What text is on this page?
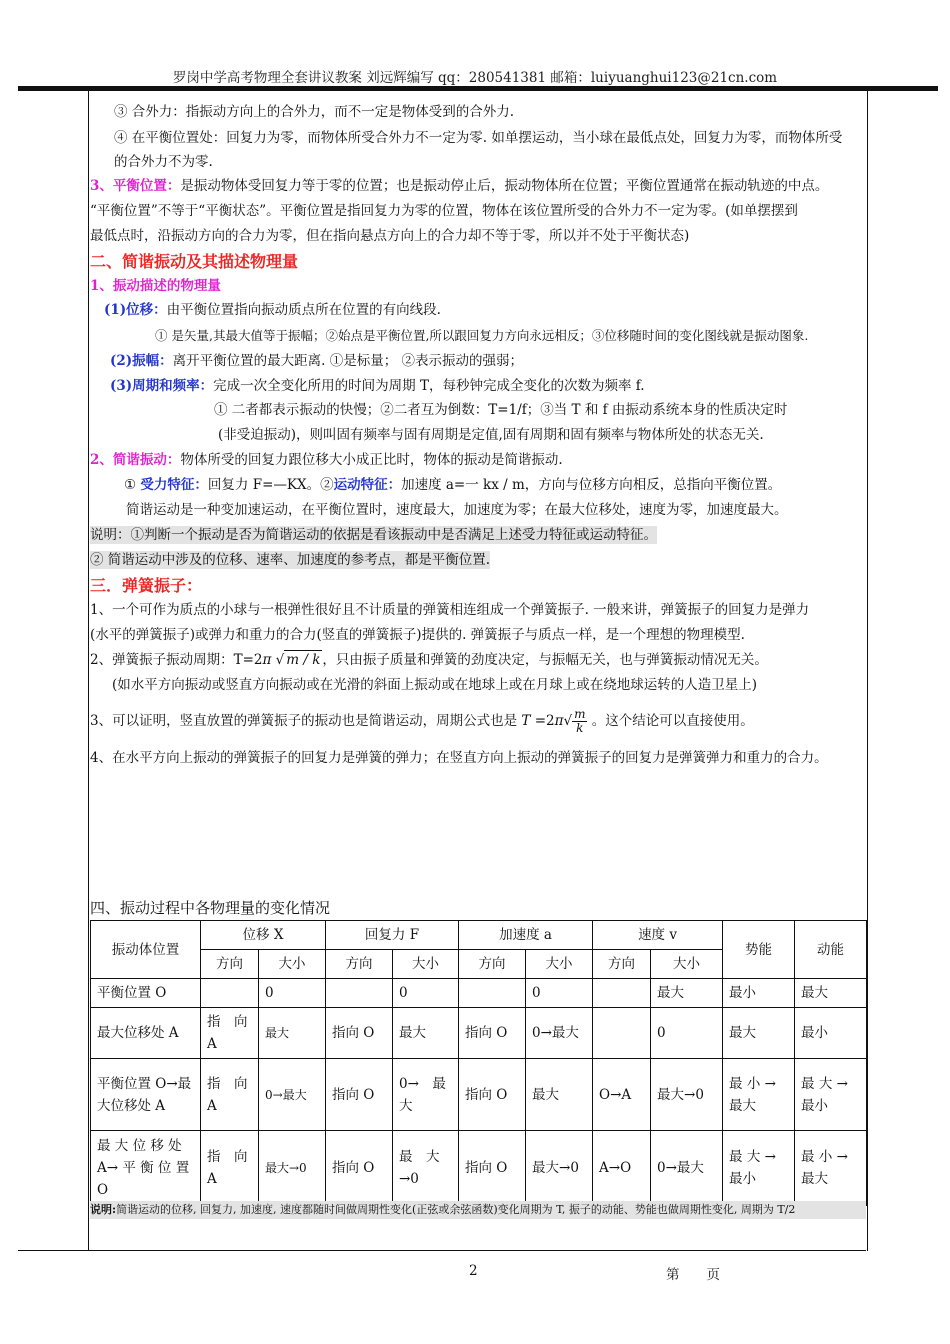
罗岗中学高考物理全套讲议教案 刘远辉编写 qq：280541381 邮箱：luiyuanghui123@21cn.com
③ 合外力：指振动方向上的合外力，而不一定是物体受到的合外力.
④ 在平衡位置处：回复力为零，而物体所受合外力不一定为零. 如单摆运动，当小球在最低点处，回复力为零，而物体所受
的合外力不为零.
3、平衡位置：是振动物体受回复力等于零的位置；也是振动停止后，振动物体所在位置；平衡位置通常在振动轨迹的中点。
“平衡位置”不等于“平衡状态”。平衡位置是指回复力为零的位置，物体在该位置所受的合外力不一定为零。(如单摆摆到
最低点时，沿振动方向的合力为零，但在指向悬点方向上的合力却不等于零，所以并不处于平衡状态)
二、简谐振动及其描述物理量
1、振动描述的物理量
(1)位移：由平衡位置指向振动质点所在位置的有向线段.
① 是矢量,其最大值等于振幅；②始点是平衡位置,所以跟回复力方向永远相反；③位移随时间的变化图线就是振动图象.
(2)振幅：离开平衡位置的最大距离. ①是标量； ②表示振动的强弱；
(3)周期和频率：完成一次全变化所用的时间为周期 T，每秒钟完成全变化的次数为频率 f.
① 二者都表示振动的快慢；②二者互为倒数：T=1/f；③当 T 和 f 由振动系统本身的性质决定时
(非受迫振动)，则叫固有频率与固有周期是定值,固有周期和固有频率与物体所处的状态无关.
2、简谐振动：物体所受的回复力跟位移大小成正比时，物体的振动是简谐振动.
① 受力特征：回复力 F=—KX。②运动特征：加速度 a=一 kx / m，方向与位移方向相反，总指向平衡位置。
简谐运动是一种变加速运动，在平衡位置时，速度最大，加速度为零；在最大位移处，速度为零，加速度最大。
说明：①判断一个振动是否为简谐运动的依据是看该振动中是否满足上述受力特征或运动特征。
② 简谐运动中涉及的位移、速率、加速度的参考点，都是平衡位置.
三．弹簧振子：
1、一个可作为质点的小球与一根弹性很好且不计质量的弹簧相连组成一个弹簧振子. 一般来讲，弹簧振子的回复力是弹力
(水平的弹簧振子)或弹力和重力的合力(竖直的弹簧振子)提供的. 弹簧振子与质点一样，是一个理想的物理模型.
2、弹簧振子振动周期：T=2π √ m / k ，只由振子质量和弹簧的劲度决定，与振幅无关，也与弹簧振动情况无关。
(如水平方向振动或竖直方向振动或在光滑的斜面上振动或在地球上或在月球上或在绕地球运转的人造卫星上)
3、可以证明，竖直放置的弹簧振子的振动也是简谐运动，周期公式也是 $T =2\pi√ \frac{m}{k}$ 。这个结论可以直接使用。
4、在水平方向上振动的弹簧振子的回复力是弹簧的弹力；在竖直方向上振动的弹簧振子的回复力是弹簧弹力和重力的合力。
四、振动过程中各物理量的变化情况
振动体位置	位移 X		回复力 F		加速度 a		速度 v		势能	动能
	方向	大小	方向	大小	方向	大小	方向	大小		
平衡位置 O		0		0		0		最大	最小	最大
最大位移处 A	指　向 A	最大	指向 O	最大	指向 O	0→最大		0	最大	最小
平衡位置 O→最大位移处 A	指　向 A	0→最大	指向 O	0→　最大	指向 O	最大	O→A	最大→0	最 小 → 最大	最 大 → 最小
最 大 位 移 处 A→ 平 衡 位 置 O	指　向 A	最大→0	指向 O	最　大 →0	指向 O	最大→0	A→O	0→最大	最 大 → 最小	最 小 → 最大
说明:简谐运动的位移, 回复力, 加速度, 速度都随时间做周期性变化(正弦或余弦函数)变化周期为 T, 振子的动能、势能也做周期性变化, 周期为 T/2
2	第　　页
